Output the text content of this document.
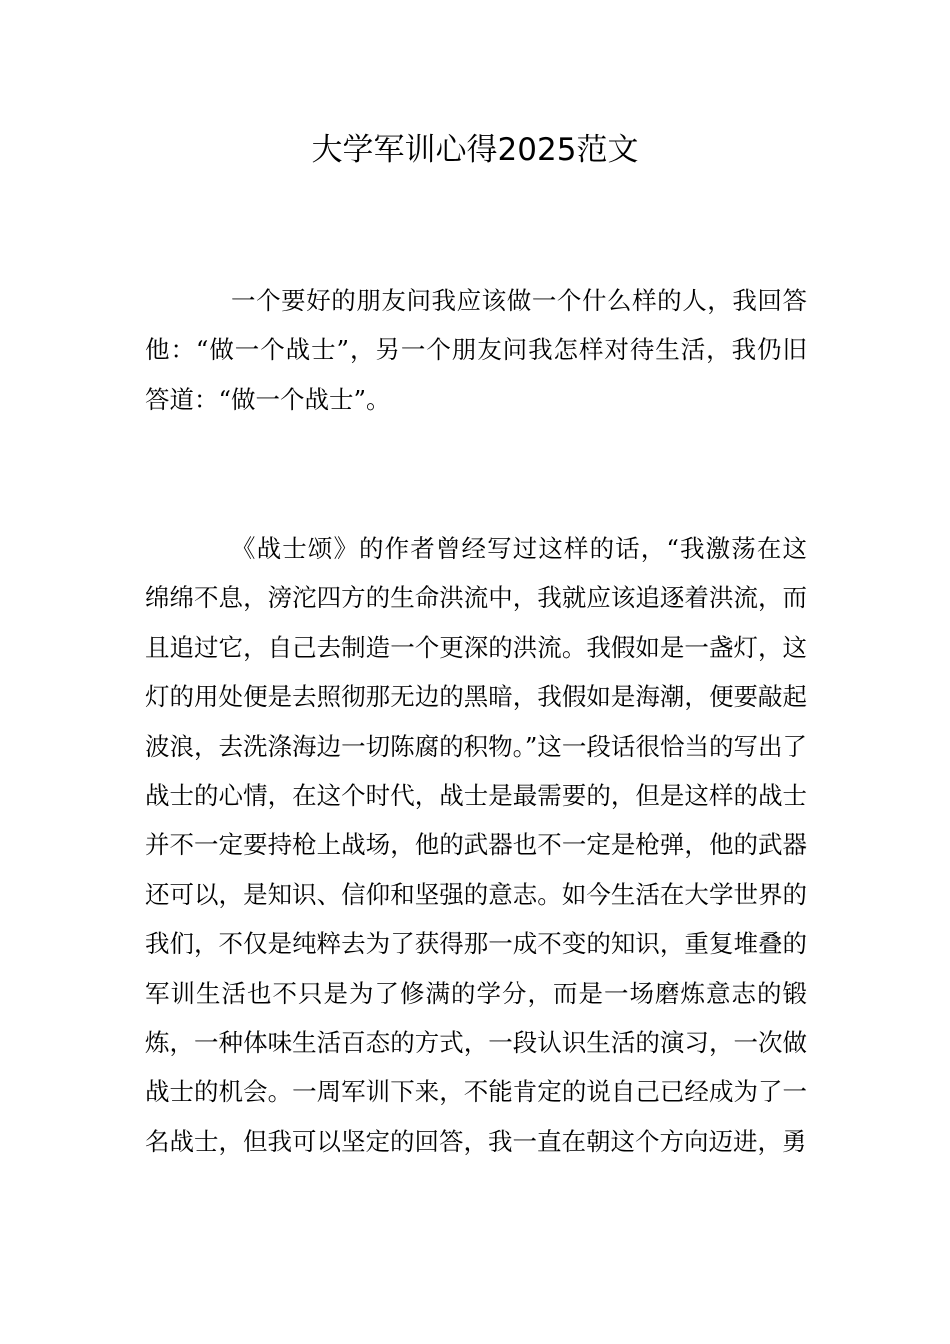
大学军训心得2025范文

一个要好的朋友问我应该做一个什么样的人，我回答他：“做一个战士”，另一个朋友问我怎样对待生活，我仍旧答道：“做一个战士”。

《战士颂》的作者曾经写过这样的话，“我激荡在这绵绵不息，滂沱四方的生命洪流中，我就应该追逐着洪流，而且追过它，自己去制造一个更深的洪流。我假如是一盏灯，这灯的用处便是去照彻那无边的黑暗，我假如是海潮，便要敲起波浪，去洗涤海边一切陈腐的积物。”这一段话很恰当的写出了战士的心情，在这个时代，战士是最需要的，但是这样的战士并不一定要持枪上战场，他的武器也不一定是枪弹，他的武器还可以，是知识、信仰和坚强的意志。如今生活在大学世界的我们，不仅是纯粹去为了获得那一成不变的知识，重复堆叠的军训生活也不只是为了修满的学分，而是一场磨炼意志的锻炼，一种体味生活百态的方式，一段认识生活的演习，一次做战士的机会。一周军训下来，不能肯定的说自己已经成为了一名战士，但我可以坚定的回答，我一直在朝这个方向迈进，勇
